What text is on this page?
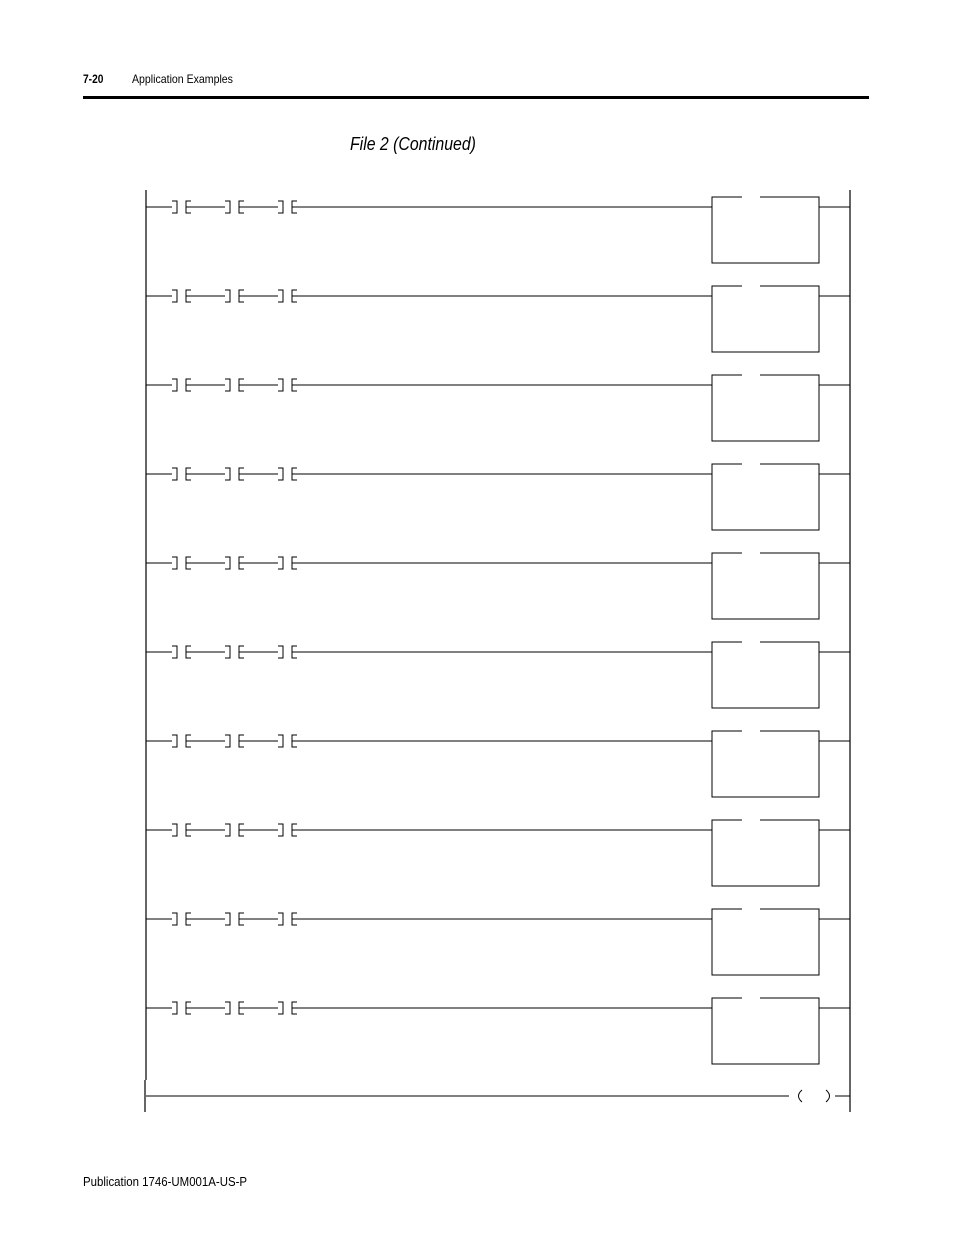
7-20 Application Examples
File 2 (Continued)
Publication 1746-UM001A-US-P
